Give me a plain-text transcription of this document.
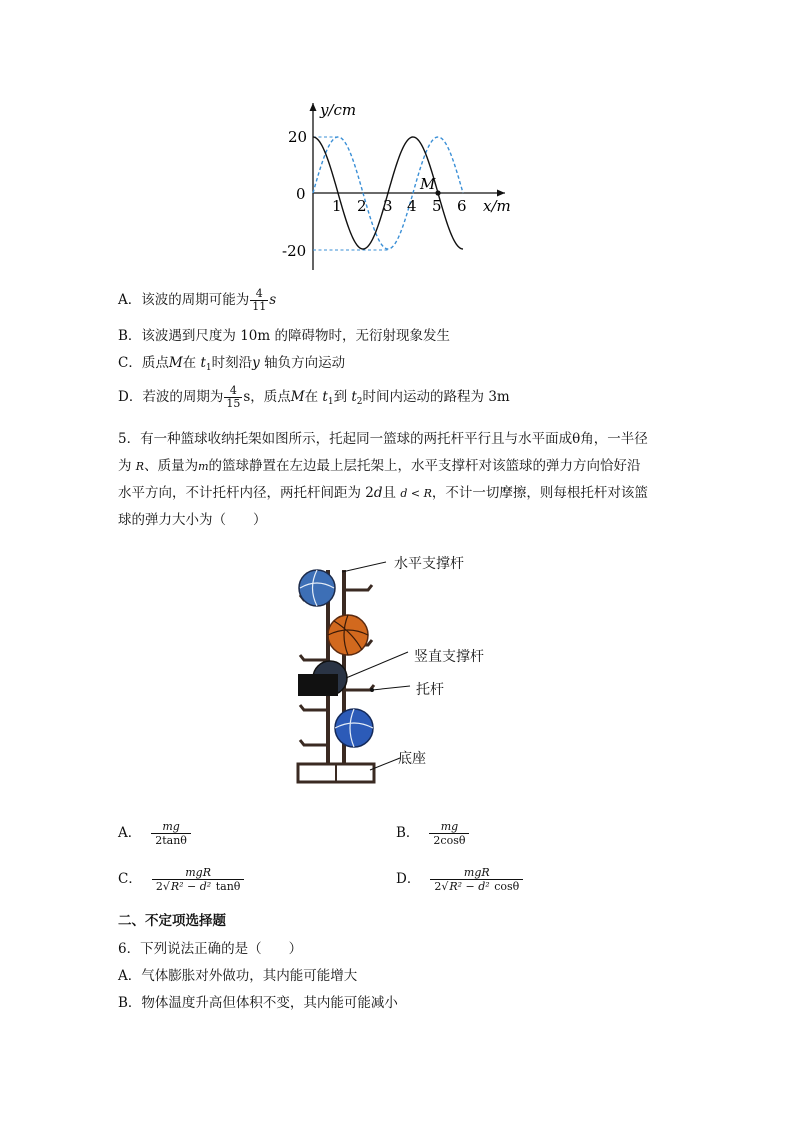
y/cm
x/m
20
0
-20
1 2 3 4 5 6
M
A．该波的周期可能为 $\frac{4}{11}$ s
B．该波遇到尺度为 10m 的障碍物时，无衍射现象发生
C．质点M在 $t_1$时刻沿y 轴负方向运动
D．若波的周期为 $\frac{4}{15}$ s，质点M在 $t_1$到 $t_2$时间内运动的路程为 3m
5．有一种篮球收纳托架如图所示，托起同一篮球的两托杆平行且与水平面成θ角，一半径
为 R、质量为m的篮球静置在左边最上层托架上，水平支撑杆对该篮球的弹力方向恰好沿
水平方向，不计托杆内径，两托杆间距为 2d且 d < R，不计一切摩擦，则每根托杆对该篮
球的弹力大小为（　　）
水平支撑杆
竖直支撑杆
托杆
底座
A． $\frac{mg}{2\tan\theta}$	B． $\frac{mg}{2\cos\theta}$
C． $\frac{\text{mgR}}{\text{2√R² − d² tanθ}}$	D． $\frac{\text{mgR}}{\text{2√R² − d² cosθ}}$
二、不定项选择题
6．下列说法正确的是（　　）
A．气体膨胀对外做功，其内能可能增大
B．物体温度升高但体积不变，其内能可能减小
